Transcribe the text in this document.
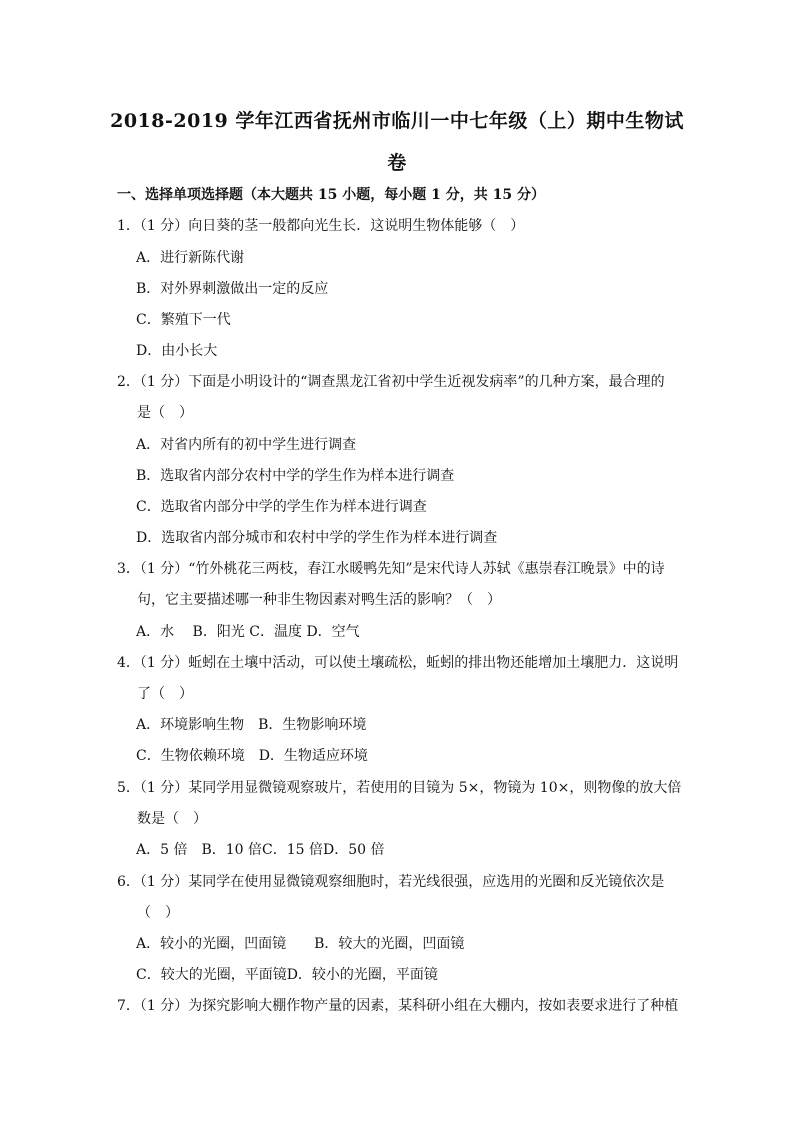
2018-2019 学年江西省抚州市临川一中七年级（上）期中生物试
卷
一、选择单项选择题（本大题共 15 小题，每小题 1 分，共 15 分）
1．（1 分）向日葵的茎一般都向光生长．这说明生物体能够（　）
A．进行新陈代谢
B．对外界刺激做出一定的反应
C．繁殖下一代
D．由小长大
2．（1 分）下面是小明设计的“调查黑龙江省初中学生近视发病率”的几种方案，最合理的
是（　）
A．对省内所有的初中学生进行调查
B．选取省内部分农村中学的学生作为样本进行调查
C．选取省内部分中学的学生作为样本进行调查
D．选取省内部分城市和农村中学的学生作为样本进行调查
3．（1 分）“竹外桃花三两枝，春江水暖鸭先知”是宋代诗人苏轼《惠崇春江晚景》中的诗
句，它主要描述哪一种非生物因素对鸭生活的影响？（　）
A．水　 B．阳光 C．温度 D．空气
4．（1 分）蚯蚓在土壤中活动，可以使土壤疏松，蚯蚓的排出物还能增加土壤肥力．这说明
了（　）
A．环境影响生物　B．生物影响环境
C．生物依赖环境　D．生物适应环境
5．（1 分）某同学用显微镜观察玻片，若使用的目镜为 5×，物镜为 10×，则物像的放大倍
数是（　）
A．5 倍　B．10 倍C．15 倍D．50 倍
6．（1 分）某同学在使用显微镜观察细胞时，若光线很强，应选用的光圈和反光镜依次是
（　）
A．较小的光圈，凹面镜　　B．较大的光圈，凹面镜
C．较大的光圈，平面镜D．较小的光圈，平面镜
7．（1 分）为探究影响大棚作物产量的因素，某科研小组在大棚内，按如表要求进行了种植
